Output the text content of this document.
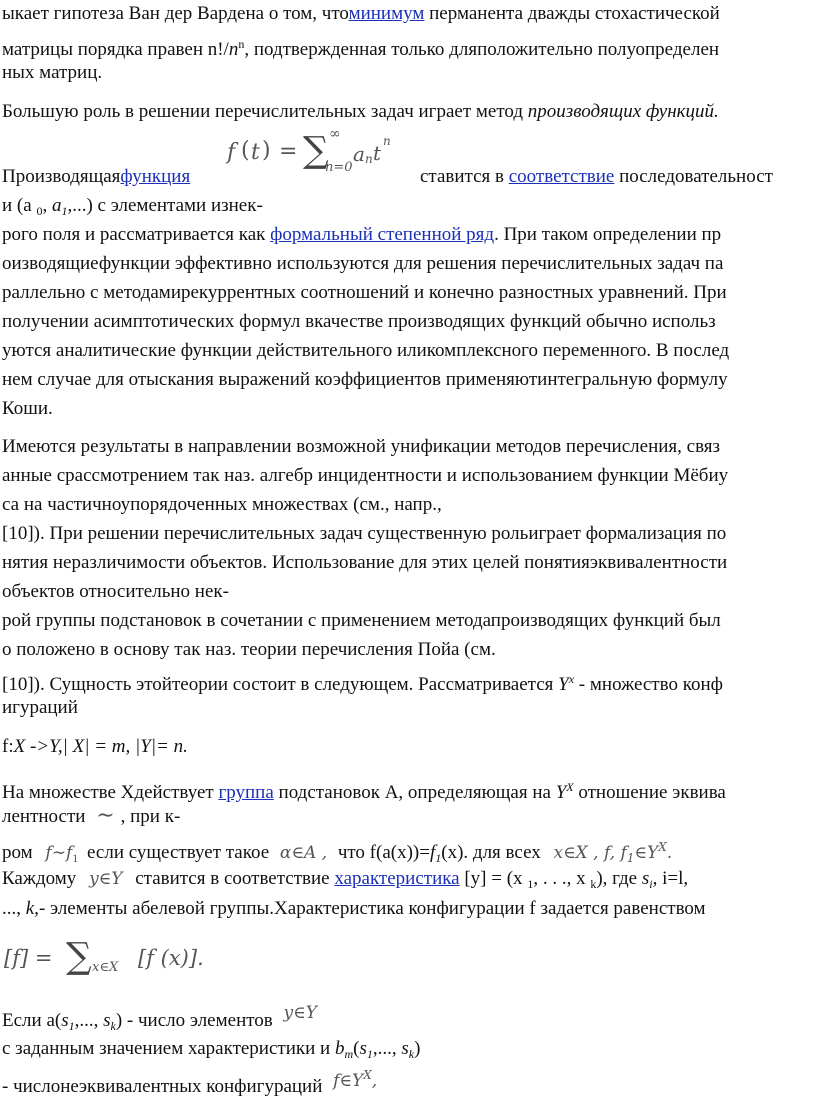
ыкает гипотеза Ван дер Вардена о том, чтоминимум перманента дважды стохастической
матрицы порядка правен $n!/n^n$, подтвержденная только дляположительно полуопределен
ных матриц.
Большую роль в решении перечислительных задач играет метод производящих функций.
f ( t ) = ∑ ∞
n=0
a n t n
Производящаяфункция	ставится в соответствие последовательност
и (a $_0$, $a_1$,...) с элементами изнек-
рого поля и рассматривается как формальный степенной ряд. При таком определении пр
оизводящиефункции эффективно используются для решения перечислительных задач па
раллельно с методамирекуррентных соотношений и конечно разностных уравнений. При
получении асимптотических формул вкачестве производящих функций обычно использ
уются аналитические функции действительного иликомплексного переменного. В послед
нем случае для отыскания выражений коэффициентов применяютинтегральную формулу
Коши.
Имеются результаты в направлении возможной унификации методов перечисления, связ
анные срассмотрением так наз. алгебр инцидентности и использованием функции Мёбиу
са на частичноупорядоченных множествах (см., напр.,
[10]). При решении перечислительных задач существенную рольиграет формализация по
нятия неразличимости объектов. Использование для этих целей понятияэквивалентности
объектов относительно нек-
рой группы подстановок в сочетании с применением методапроизводящих функций был
о положено в основу так наз. теории перечисления Пойа (см.
[10]). Сущность этойтеории состоит в следующем. Рассматривается $Y^x$ - множество конф
игураций
f:X ->Y,| X| = m, |Y|= n.
На множестве Хдействует группа подстановок А, определяющая на $Y^X$ отношение эквива
лентности ∼ , при к-
ром $f\sim f_1$ если существует такое α∈A , что $f(a(x))=f_1(x)$. для всех x∈X , f, $f_1\in Y^X$.
Каждому y∈Y ставится в соответствие характеристика [y] = (x $_1$, . . ., x $_k$), где $s_i$, i=l,
..., k,- элементы абелевой группы.Характеристика конфигурации f задается равенством
[f] = ∑ x∈X [f (x)].
Если $a(s_1$,..., $s_k$) - число элементов y∈Y
с заданным значением характеристики и $b_m(s_1$,..., $s_k$)
- числонеэквивалентных конфигураций $f\in Y^X$,
